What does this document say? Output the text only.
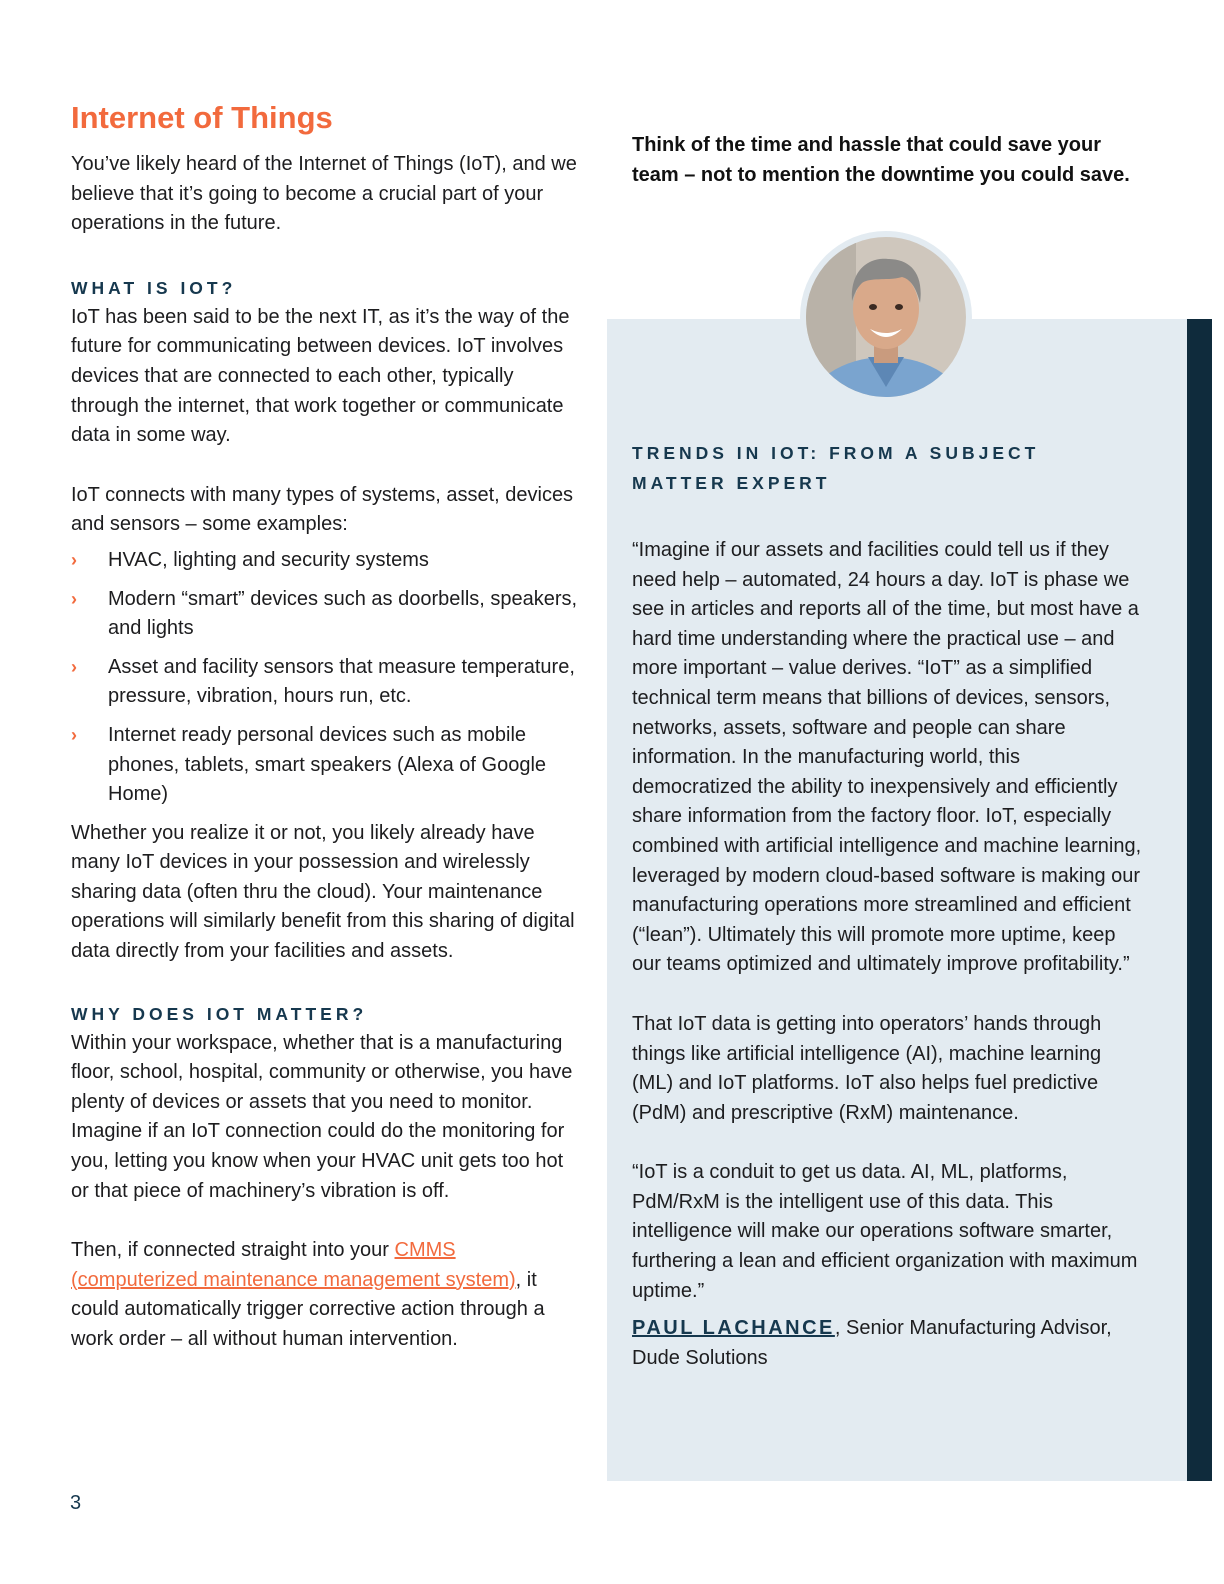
Internet of Things

You’ve likely heard of the Internet of Things (IoT), and we believe that it’s going to become a crucial part of your operations in the future.

WHAT IS IOT?

IoT has been said to be the next IT, as it’s the way of the future for communicating between devices. IoT involves devices that are connected to each other, typically through the internet, that work together or communicate data in some way.

IoT connects with many types of systems, asset, devices and sensors – some examples:

› HVAC, lighting and security systems
› Modern “smart” devices such as doorbells, speakers, and lights
› Asset and facility sensors that measure temperature, pressure, vibration, hours run, etc.
› Internet ready personal devices such as mobile phones, tablets, smart speakers (Alexa of Google Home)

Whether you realize it or not, you likely already have many IoT devices in your possession and wirelessly sharing data (often thru the cloud). Your maintenance operations will similarly benefit from this sharing of digital data directly from your facilities and assets.

WHY DOES IOT MATTER?

Within your workspace, whether that is a manufacturing floor, school, hospital, community or otherwise, you have plenty of devices or assets that you need to monitor. Imagine if an IoT connection could do the monitoring for you, letting you know when your HVAC unit gets too hot or that piece of machinery’s vibration is off.

Then, if connected straight into your CMMS (computerized maintenance management system), it could automatically trigger corrective action through a work order – all without human intervention.

3

Think of the time and hassle that could save your team – not to mention the downtime you could save.

TRENDS IN IOT: FROM A SUBJECT MATTER EXPERT

“Imagine if our assets and facilities could tell us if they need help – automated, 24 hours a day. IoT is phase we see in articles and reports all of the time, but most have a hard time understanding where the practical use – and more important – value derives. “IoT” as a simplified technical term means that billions of devices, sensors, networks, assets, software and people can share information. In the manufacturing world, this democratized the ability to inexpensively and efficiently share information from the factory floor. IoT, especially combined with artificial intelligence and machine learning, leveraged by modern cloud-based software is making our manufacturing operations more streamlined and efficient (“lean”). Ultimately this will promote more uptime, keep our teams optimized and ultimately improve profitability.”

That IoT data is getting into operators’ hands through things like artificial intelligence (AI), machine learning (ML) and IoT platforms. IoT also helps fuel predictive (PdM) and prescriptive (RxM) maintenance.

“IoT is a conduit to get us data. AI, ML, platforms, PdM/RxM is the intelligent use of this data. This intelligence will make our operations software smarter, furthering a lean and efficient organization with maximum uptime.”

PAUL LACHANCE, Senior Manufacturing Advisor, Dude Solutions
